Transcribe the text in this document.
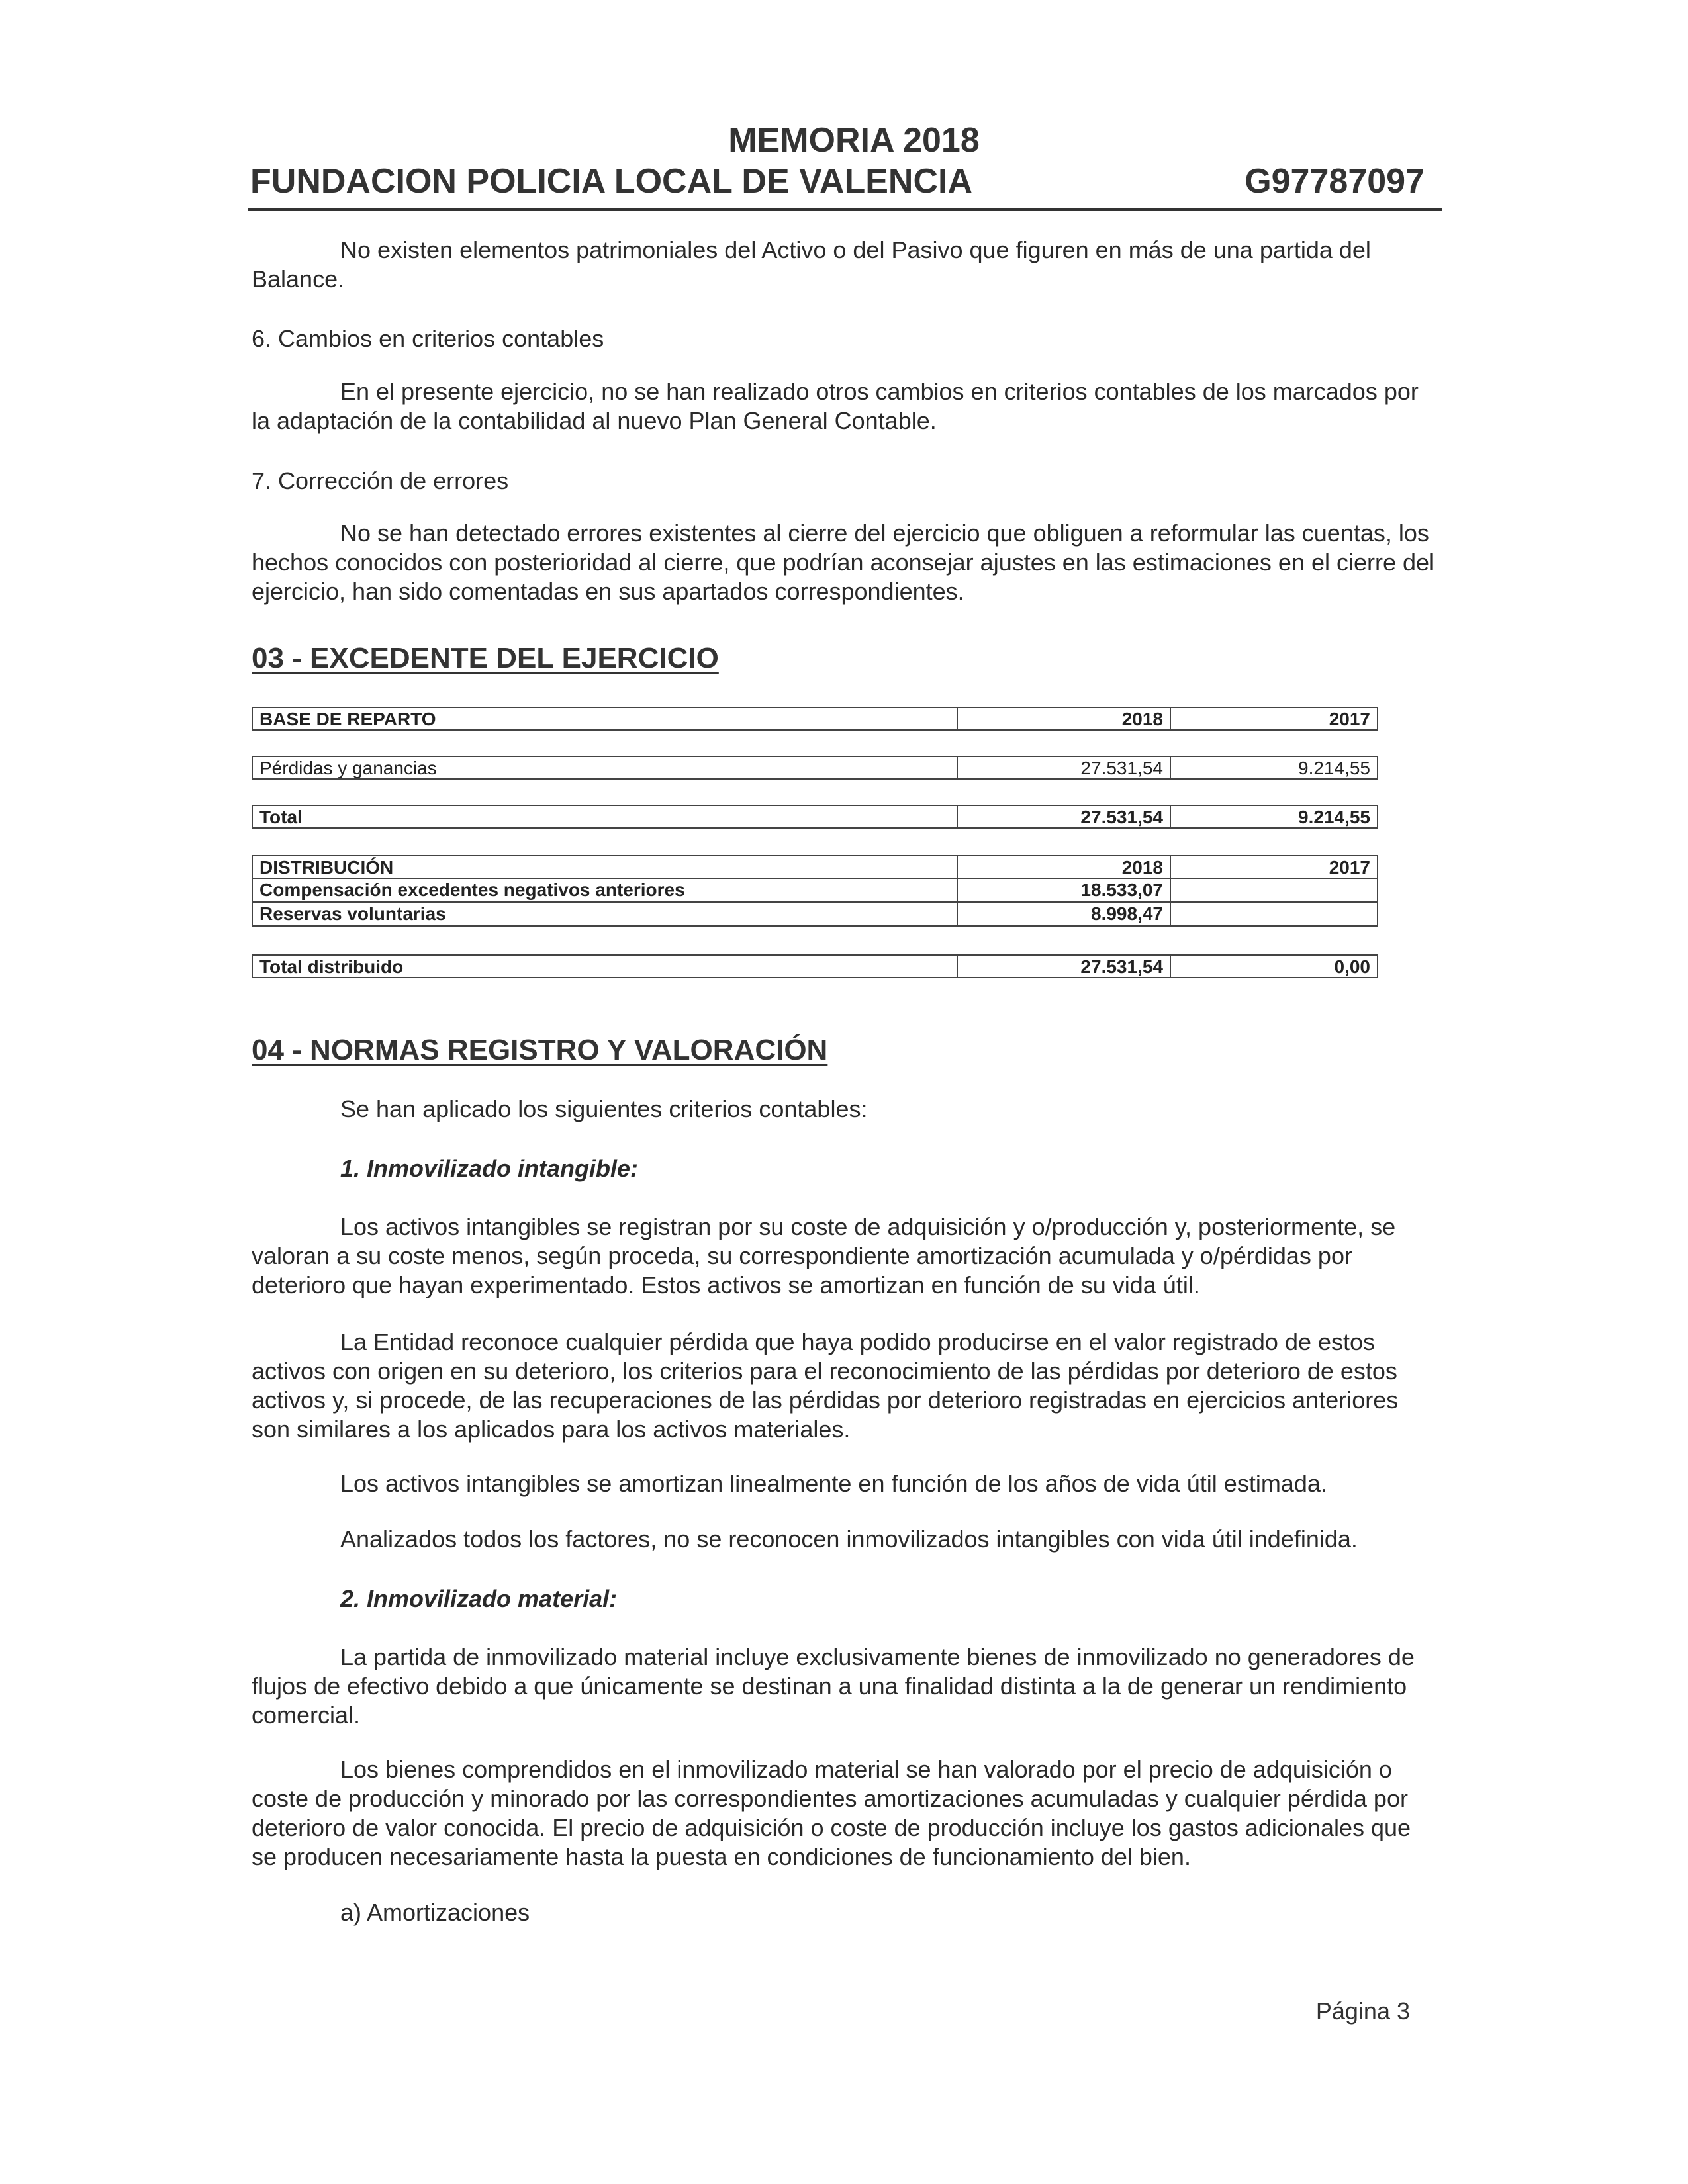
MEMORIA 2018
FUNDACION POLICIA LOCAL DE VALENCIA	G97787097
No existen elementos patrimoniales del Activo o del Pasivo que figuren en más de una partida del Balance.
6. Cambios en criterios contables
En el presente ejercicio, no se han realizado otros cambios en criterios contables de los marcados por la adaptación de la contabilidad al nuevo Plan General Contable.
7. Corrección de errores
No se han detectado errores existentes al cierre del ejercicio que obliguen a reformular las cuentas, los hechos conocidos con posterioridad al cierre, que podrían aconsejar ajustes en las estimaciones en el cierre del ejercicio, han sido comentadas en sus apartados correspondientes.
03 - EXCEDENTE DEL EJERCICIO
BASE DE REPARTO	2018	2017
Pérdidas y ganancias	27.531,54	9.214,55
Total	27.531,54	9.214,55
DISTRIBUCIÓN	2018	2017
Compensación excedentes negativos anteriores	18.533,07
Reservas voluntarias	8.998,47
Total distribuido	27.531,54	0,00
04 - NORMAS REGISTRO Y VALORACIÓN
Se han aplicado los siguientes criterios contables:
1. Inmovilizado intangible:
Los activos intangibles se registran por su coste de adquisición y o/producción y, posteriormente, se valoran a su coste menos, según proceda, su correspondiente amortización acumulada y o/pérdidas por deterioro que hayan experimentado. Estos activos se amortizan en función de su vida útil.
La Entidad reconoce cualquier pérdida que haya podido producirse en el valor registrado de estos activos con origen en su deterioro, los criterios para el reconocimiento de las pérdidas por deterioro de estos activos y, si procede, de las recuperaciones de las pérdidas por deterioro registradas en ejercicios anteriores son similares a los aplicados para los activos materiales.
Los activos intangibles se amortizan linealmente en función de los años de vida útil estimada.
Analizados todos los factores, no se reconocen inmovilizados intangibles con vida útil indefinida.
2. Inmovilizado material:
La partida de inmovilizado material incluye exclusivamente bienes de inmovilizado no generadores de flujos de efectivo debido a que únicamente se destinan a una finalidad distinta a la de generar un rendimiento comercial.
Los bienes comprendidos en el inmovilizado material se han valorado por el precio de adquisición o coste de producción y minorado por las correspondientes amortizaciones acumuladas y cualquier pérdida por deterioro de valor conocida. El precio de adquisición o coste de producción incluye los gastos adicionales que se producen necesariamente hasta la puesta en condiciones de funcionamiento del bien.
a) Amortizaciones
Página 3
